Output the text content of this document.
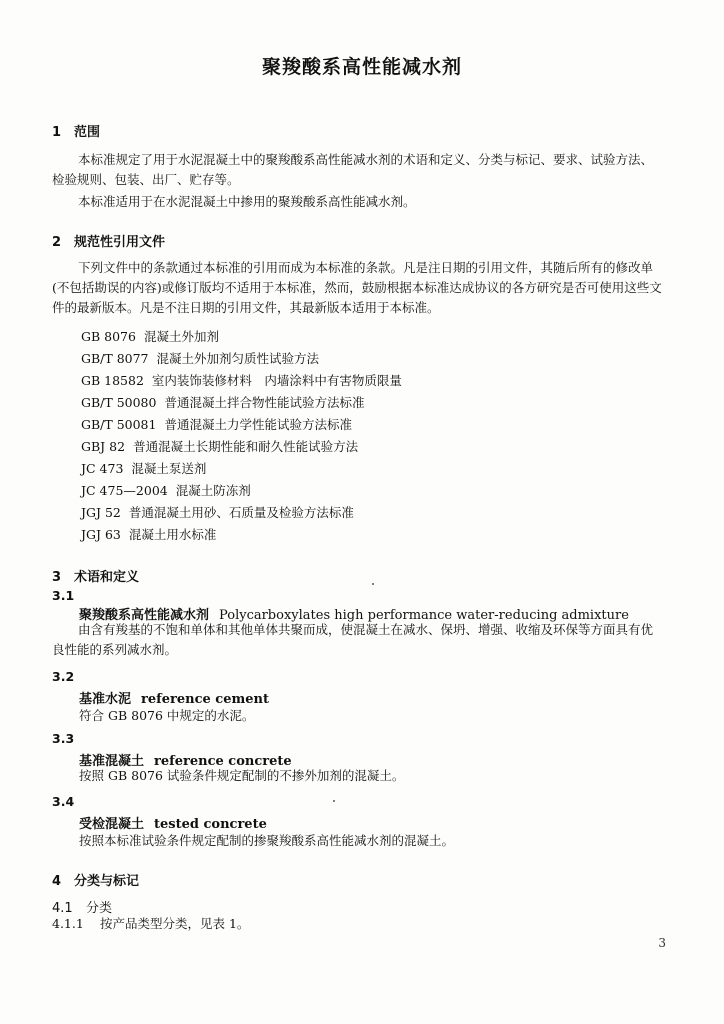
聚羧酸系高性能减水剂
1 范围
本标准规定了用于水泥混凝土中的聚羧酸系高性能减水剂的术语和定义、分类与标记、要求、试验方法、检验规则、包装、出厂、贮存等。
本标准适用于在水泥混凝土中掺用的聚羧酸系高性能减水剂。
2 规范性引用文件
下列文件中的条款通过本标准的引用而成为本标准的条款。凡是注日期的引用文件，其随后所有的修改单(不包括勘误的内容)或修订版均不适用于本标准，然而，鼓励根据本标准达成协议的各方研究是否可使用这些文件的最新版本。凡是不注日期的引用文件，其最新版本适用于本标准。
GB 8076 混凝土外加剂
GB/T 8077 混凝土外加剂匀质性试验方法
GB 18582 室内装饰装修材料　内墙涂料中有害物质限量
GB/T 50080 普通混凝土拌合物性能试验方法标准
GB/T 50081 普通混凝土力学性能试验方法标准
GBJ 82 普通混凝土长期性能和耐久性能试验方法
JC 473 混凝土泵送剂
JC 475—2004 混凝土防冻剂
JGJ 52 普通混凝土用砂、石质量及检验方法标准
JGJ 63 混凝土用水标准
3 术语和定义
3.1
聚羧酸系高性能减水剂 Polycarboxylates high performance water-reducing admixture
由含有羧基的不饱和单体和其他单体共聚而成，使混凝土在减水、保坍、增强、收缩及环保等方面具有优良性能的系列减水剂。
3.2
基准水泥 reference cement
符合 GB 8076 中规定的水泥。
3.3
基准混凝土 reference concrete
按照 GB 8076 试验条件规定配制的不掺外加剂的混凝土。
3.4
受检混凝土 tested concrete
按照本标准试验条件规定配制的掺聚羧酸系高性能减水剂的混凝土。
4 分类与标记
4.1 分类
4.1.1 按产品类型分类，见表 1。
3
